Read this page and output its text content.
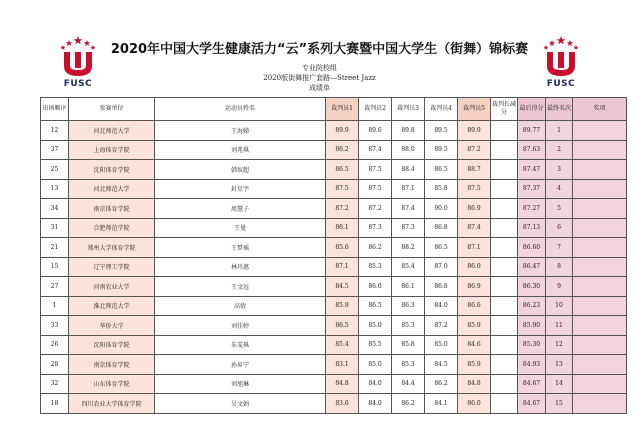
FUSC	FUSC
2020年中国大学生健康活力“云”系列大赛暨中国大学生（街舞）锦标赛
专业院校组
2020版街舞推广套路—Street Jazz
成绩单
出场顺序	参赛单位	运动员姓名	裁判员1	裁判员2	裁判员3	裁判员4	裁判员5	裁判长减分	最后得分	最终名次	奖项
12	河北师范大学	王海娣	89.9	89.6	89.8	89.5	89.9		89.77	1	
37	上海体育学院	刘兆琪	86.2	87.4	88.0	89.5	87.2		87.63	2	
25	沈阳体育学院	韩奴超	86.5	87.5	88.4	86.5	88.7		87.47	3	
13	河北师范大学	封星宇	87.5	87.5	87.1	85.8	87.5		87.37	4	
34	南京体育学院	周慧子	87.2	87.2	87.4	90.0	86.9		87.27	5	
31	合肥师范学院	王曼	86.1	87.3	87.3	86.8	87.4		87.13	6	
21	郑州大学体育学院	王梦瑶	85.6	86.2	88.2	86.5	87.1		86.60	7	
15	辽宁理工学院	林川惠	87.1	85.3	85.4	87.0	86.0		86.47	8	
27	河南农业大学	王文远	84.5	86.0	86.1	86.8	86.9		86.30	9	
1	淮北师范大学	高倩	85.9	86.5	86.3	84.0	86.6		86.23	10	
33	华侨大学	刘佳婷	86.5	85.0	85.3	87.2	85.9		85.90	11	
26	沈阳体育学院	朱雯琪	85.4	85.5	85.8	85.0	84.6		85.30	12	
28	南京体育学院	孙昇宁	83.1	85.0	85.3	84.5	85.9		84.93	13	
32	山东体育学院	刘旭琳	84.8	84.0	84.4	86.2	84.8		84.67	14	
18	四川农业大学体育学院	吴文娟	83.6	84.0	86.2	84.1	86.0		84.67	15	
